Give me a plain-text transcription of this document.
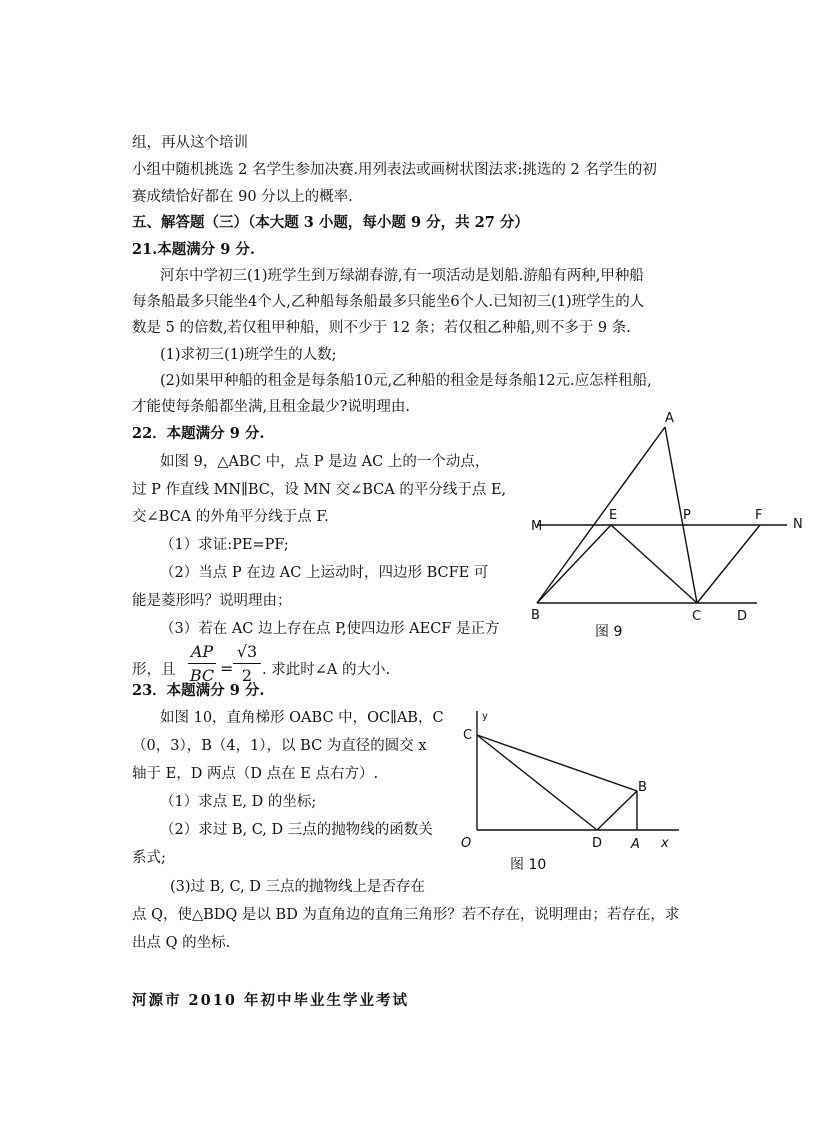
组，再从这个培训
小组中随机挑选 2 名学生参加决赛.用列表法或画树状图法求:挑选的 2 名学生的初
赛成绩恰好都在 90 分以上的概率.
五、解答题（三）（本大题 3 小题，每小题 9 分，共 27 分）
21.本题满分 9 分.
河东中学初三(1)班学生到万绿湖春游,有一项活动是划船.游船有两种,甲种船
每条船最多只能坐4个人,乙种船每条船最多只能坐6个人.已知初三(1)班学生的人
数是 5 的倍数,若仅租甲种船，则不少于 12 条；若仅租乙种船,则不多于 9 条.
(1)求初三(1)班学生的人数;
(2)如果甲种船的租金是每条船10元,乙种船的租金是每条船12元.应怎样租船,
才能使每条船都坐满,且租金最少?说明理由.
22．本题满分 9 分.
如图 9，△ABC 中，点 P 是边 AC 上的一个动点，
过 P 作直线 MN∥BC，设 MN 交∠BCA 的平分线于点 E,
交∠BCA 的外角平分线于点 F.
（1）求证:PE=PF;
（2）当点 P 在边 AC 上运动时，四边形 BCFE 可
能是菱形吗？说明理由；
（3）若在 AC 边上存在点 P,使四边形 AECF 是正方
形，且
AP
BC =
√3
2 . 求此时∠A 的大小.
A
B	C	D
E	F
M	N
P
图 9
23．本题满分 9 分.
如图 10，直角梯形 OABC 中，OC∥AB，C
（0，3），B（4，1），以 BC 为直径的圆交 x
轴于 E，D 两点（D 点在 E 点右方）.
（1）求点 E, D 的坐标;
（2）求过 B, C, D 三点的抛物线的函数关
系式;
(3)过 B, C, D 三点的抛物线上是否存在
点 Q，使△BDQ 是以 BD 为直角边的直角三角形？若不存在，说明理由；若存在，求
出点 Q 的坐标.
y
C
B
O	D A x
图 10
河源市 2010 年初中毕业生学业考试
